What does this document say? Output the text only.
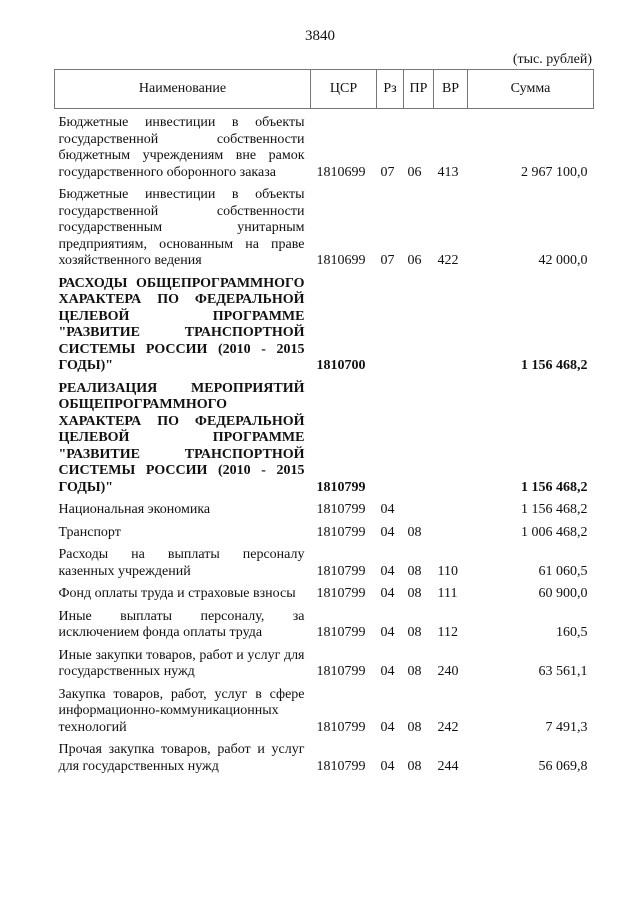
3840
(тыс. рублей)
Наименование	ЦСР	Рз	ПР	ВР	Сумма
Бюджетные инвестиции в объекты государственной собственности бюджетным учреждениям вне рамок государственного оборонного заказа	1810699	07	06	413	2 967 100,0
Бюджетные инвестиции в объекты государственной собственности государственным унитарным предприятиям, основанным на праве хозяйственного ведения	1810699	07	06	422	42 000,0
РАСХОДЫ ОБЩЕПРОГРАММНОГО ХАРАКТЕРА ПО ФЕДЕРАЛЬНОЙ ЦЕЛЕВОЙ ПРОГРАММЕ "РАЗВИТИЕ ТРАНСПОРТНОЙ СИСТЕМЫ РОССИИ (2010 - 2015 ГОДЫ)"	1810700				1 156 468,2
РЕАЛИЗАЦИЯ МЕРОПРИЯТИЙ ОБЩЕПРОГРАММНОГО ХАРАКТЕРА ПО ФЕДЕРАЛЬНОЙ ЦЕЛЕВОЙ ПРОГРАММЕ "РАЗВИТИЕ ТРАНСПОРТНОЙ СИСТЕМЫ РОССИИ (2010 - 2015 ГОДЫ)"	1810799				1 156 468,2
Национальная экономика	1810799	04			1 156 468,2
Транспорт	1810799	04	08		1 006 468,2
Расходы на выплаты персоналу казенных учреждений	1810799	04	08	110	61 060,5
Фонд оплаты труда и страховые взносы	1810799	04	08	111	60 900,0
Иные выплаты персоналу, за исключением фонда оплаты труда	1810799	04	08	112	160,5
Иные закупки товаров, работ и услуг для государственных нужд	1810799	04	08	240	63 561,1
Закупка товаров, работ, услуг в сфере информационно-коммуникационных технологий	1810799	04	08	242	7 491,3
Прочая закупка товаров, работ и услуг для государственных нужд	1810799	04	08	244	56 069,8
